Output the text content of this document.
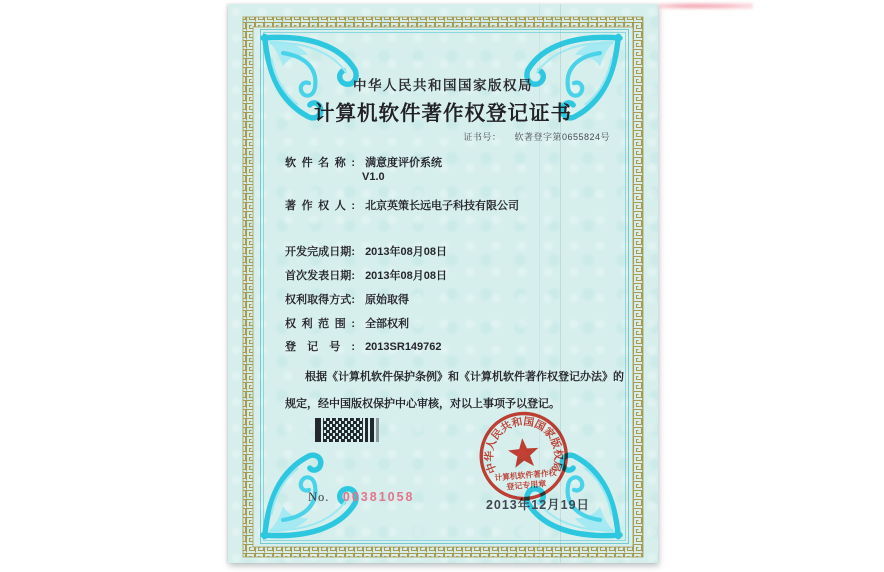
中华人民共和国国家版权局
计算机软件著作权登记证书
证书号： 软著登字第0655824号
软件名称: 满意度评价系统
V1.0
著作权人: 北京英策长远电子科技有限公司
开发完成日期: 2013年08月08日
首次发表日期: 2013年08月08日
权利取得方式: 原始取得
权利范围: 全部权利
登记号: 2013SR149762
根据《计算机软件保护条例》和《计算机软件著作权登记办法》的
规定，经中国版权保护中心审核，对以上事项予以登记。
No. 00381058
2013年12月19日
中华人民共和国国家版权局
计算机软件著作权
登记专用章
